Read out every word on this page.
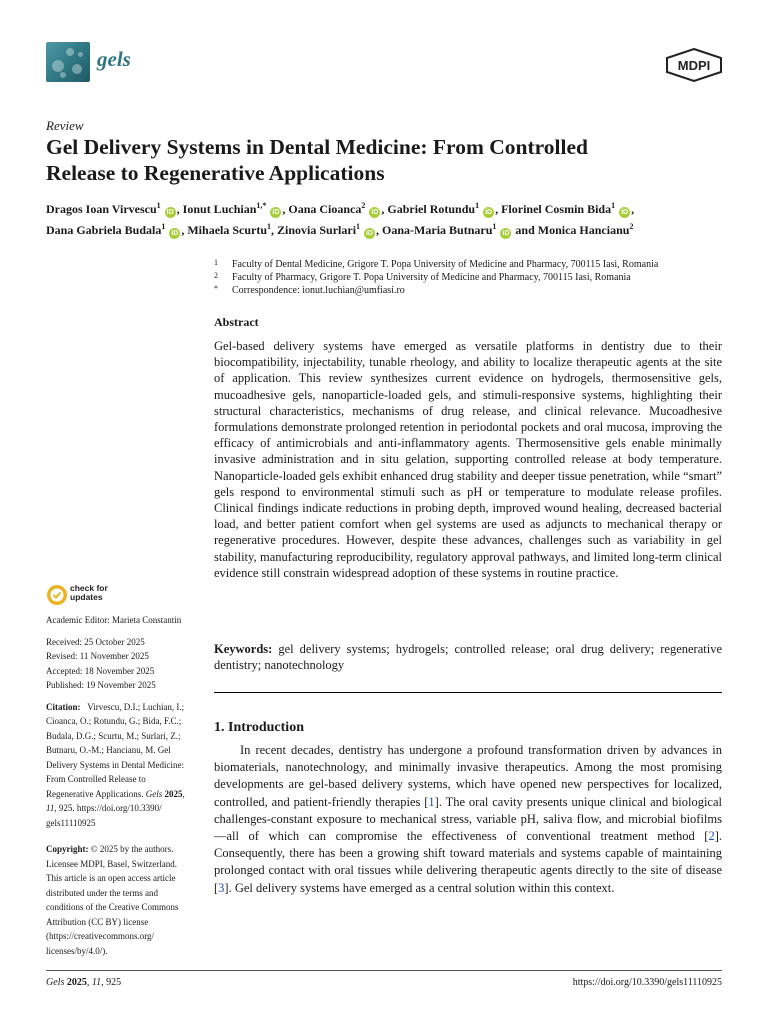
gels	MDPI
Review
Gel Delivery Systems in Dental Medicine: From Controlled
Release to Regenerative Applications
Dragos Ioan Virvescu$^1$ iD , Ionut Luchian$^{1,*}$ iD , Oana Cioanca$^2$ iD , Gabriel Rotundu$^1$ iD , Florinel Cosmin Bida$^1$ iD ,
Dana Gabriela Budala$^1$ iD , Mihaela Scurtu$^1$, Zinovia Surlari$^1$ iD , Oana-Maria Butnaru$^1$ iD and Monica Hancianu$^2$
1 Faculty of Dental Medicine, Grigore T. Popa University of Medicine and Pharmacy, 700115 Iasi, Romania
2 Faculty of Pharmacy, Grigore T. Popa University of Medicine and Pharmacy, 700115 Iasi, Romania
* Correspondence: ionut.luchian@umfiasi.ro
Abstract
Gel-based delivery systems have emerged as versatile platforms in dentistry due to their biocompatibility, injectability, tunable rheology, and ability to localize therapeutic agents at the site of application. This review synthesizes current evidence on hydrogels, thermosensitive gels, mucoadhesive gels, nanoparticle-loaded gels, and stimuli-responsive systems, highlighting their structural characteristics, mechanisms of drug release, and clinical relevance. Mucoadhesive formulations demonstrate prolonged retention in periodontal pockets and oral mucosa, improving the efficacy of antimicrobials and anti-inflammatory agents. Thermosensitive gels enable minimally invasive administration and in situ gelation, supporting controlled release at body temperature. Nanoparticle-loaded gels exhibit enhanced drug stability and deeper tissue penetration, while “smart” gels respond to environmental stimuli such as pH or temperature to modulate release profiles. Clinical findings indicate reductions in probing depth, improved wound healing, decreased bacterial load, and better patient comfort when gel systems are used as adjuncts to mechanical therapy or regenerative procedures. However, despite these advances, challenges such as variability in gel stability, manufacturing reproducibility, regulatory approval pathways, and limited long-term clinical evidence still constrain widespread adoption of these systems in routine practice.
Keywords: gel delivery systems; hydrogels; controlled release; oral drug delivery; regenerative dentistry; nanotechnology
1. Introduction
In recent decades, dentistry has undergone a profound transformation driven by advances in biomaterials, nanotechnology, and minimally invasive therapeutics. Among the most promising developments are gel-based delivery systems, which have opened new perspectives for localized, controlled, and patient-friendly therapies [1]. The oral cavity presents unique clinical and biological challenges-constant exposure to mechanical stress, variable pH, saliva flow, and microbial biofilms—all of which can compromise the effectiveness of conventional treatment method [2]. Consequently, there has been a growing shift toward materials and systems capable of maintaining prolonged contact with oral tissues while delivering therapeutic agents directly to the site of disease [3]. Gel delivery systems have emerged as a central solution within this context.
check for
updates
Academic Editor: Marieta Constantin
Received: 25 October 2025
Revised: 11 November 2025
Accepted: 18 November 2025
Published: 19 November 2025
Citation: Virvescu, D.I.; Luchian, I.;
Cioanca, O.; Rotundu, G.; Bida, F.C.;
Budala, D.G.; Scurtu, M.; Surlari, Z.;
Butnaru, O.-M.; Hancianu, M. Gel
Delivery Systems in Dental Medicine:
From Controlled Release to
Regenerative Applications. Gels 2025,
11, 925. https://doi.org/10.3390/
gels11110925
Copyright: © 2025 by the authors.
Licensee MDPI, Basel, Switzerland.
This article is an open access article
distributed under the terms and
conditions of the Creative Commons
Attribution (CC BY) license
(https://creativecommons.org/
licenses/by/4.0/).
Gels 2025, 11, 925	https://doi.org/10.3390/gels11110925
